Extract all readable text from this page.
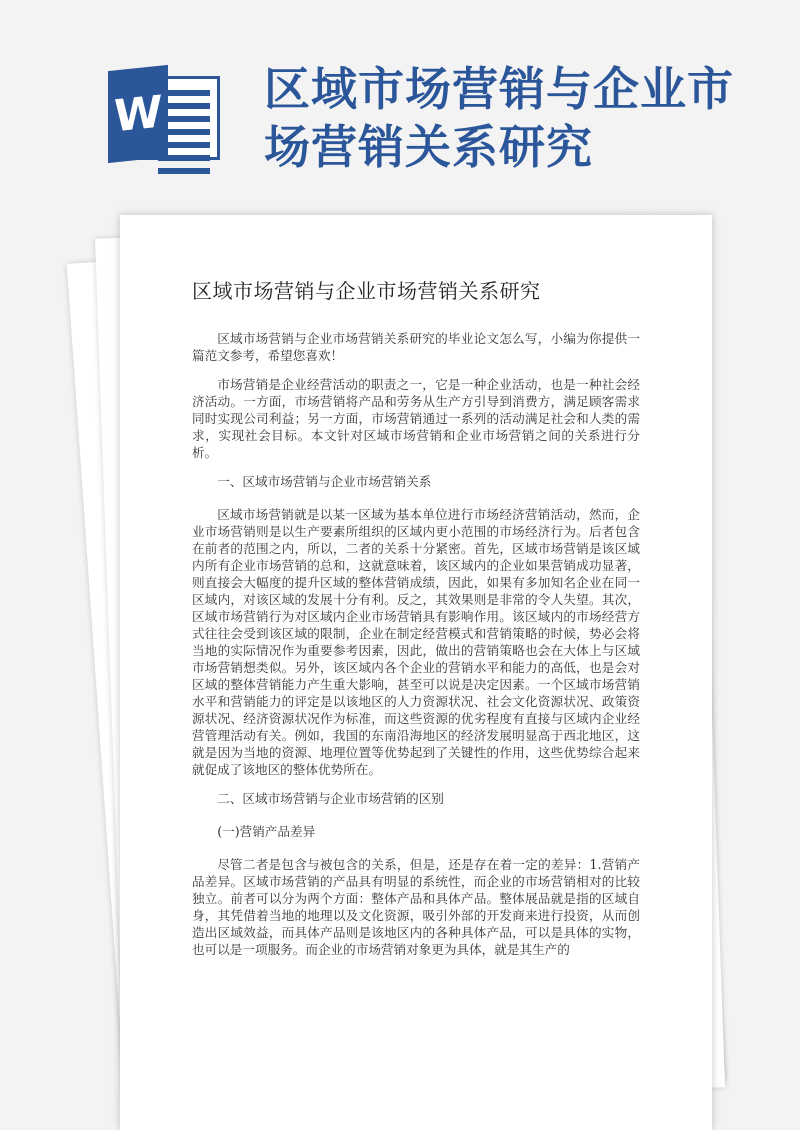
W 区域市场营销与企业市场营销关系研究
区域市场营销与企业市场营销关系研究

区域市场营销与企业市场营销关系研究的毕业论文怎么写，小编为你提供一篇范文参考，希望您喜欢！

市场营销是企业经营活动的职责之一，它是一种企业活动，也是一种社会经济活动。一方面，市场营销将产品和劳务从生产方引导到消费方，满足顾客需求同时实现公司利益；另一方面，市场营销通过一系列的活动满足社会和人类的需求，实现社会目标。本文针对区域市场营销和企业市场营销之间的关系进行分析。

一、区域市场营销与企业市场营销关系

区域市场营销就是以某一区域为基本单位进行市场经济营销活动，然而，企业市场营销则是以生产要素所组织的区域内更小范围的市场经济行为。后者包含在前者的范围之内，所以，二者的关系十分紧密。首先，区域市场营销是该区域内所有企业市场营销的总和，这就意味着，该区域内的企业如果营销成功显著，则直接会大幅度的提升区域的整体营销成绩，因此，如果有多加知名企业在同一区域内，对该区域的发展十分有利。反之，其效果则是非常的令人失望。其次，区域市场营销行为对区域内企业市场营销具有影响作用。该区域内的市场经营方式往往会受到该区域的限制，企业在制定经营模式和营销策略的时候，势必会将当地的实际情况作为重要参考因素，因此，做出的营销策略也会在大体上与区域市场营销想类似。另外，该区域内各个企业的营销水平和能力的高低，也是会对区域的整体营销能力产生重大影响，甚至可以说是决定因素。一个区域市场营销水平和营销能力的评定是以该地区的人力资源状况、社会文化资源状况、政策资源状况、经济资源状况作为标准，而这些资源的优劣程度有直接与区域内企业经营管理活动有关。例如，我国的东南沿海地区的经济发展明显高于西北地区，这就是因为当地的资源、地理位置等优势起到了关键性的作用，这些优势综合起来就促成了该地区的整体优势所在。

二、区域市场营销与企业市场营销的区别

(一)营销产品差异

尽管二者是包含与被包含的关系，但是，还是存在着一定的差异：1.营销产品差异。区域市场营销的产品具有明显的系统性，而企业的市场营销相对的比较独立。前者可以分为两个方面：整体产品和具体产品。整体展品就是指的区域自身，其凭借着当地的地理以及文化资源，吸引外部的开发商来进行投资，从而创造出区域效益，而具体产品则是该地区内的各种具体产品，可以是具体的实物，也可以是一项服务。而企业的市场营销对象更为具体，就是其生产的
